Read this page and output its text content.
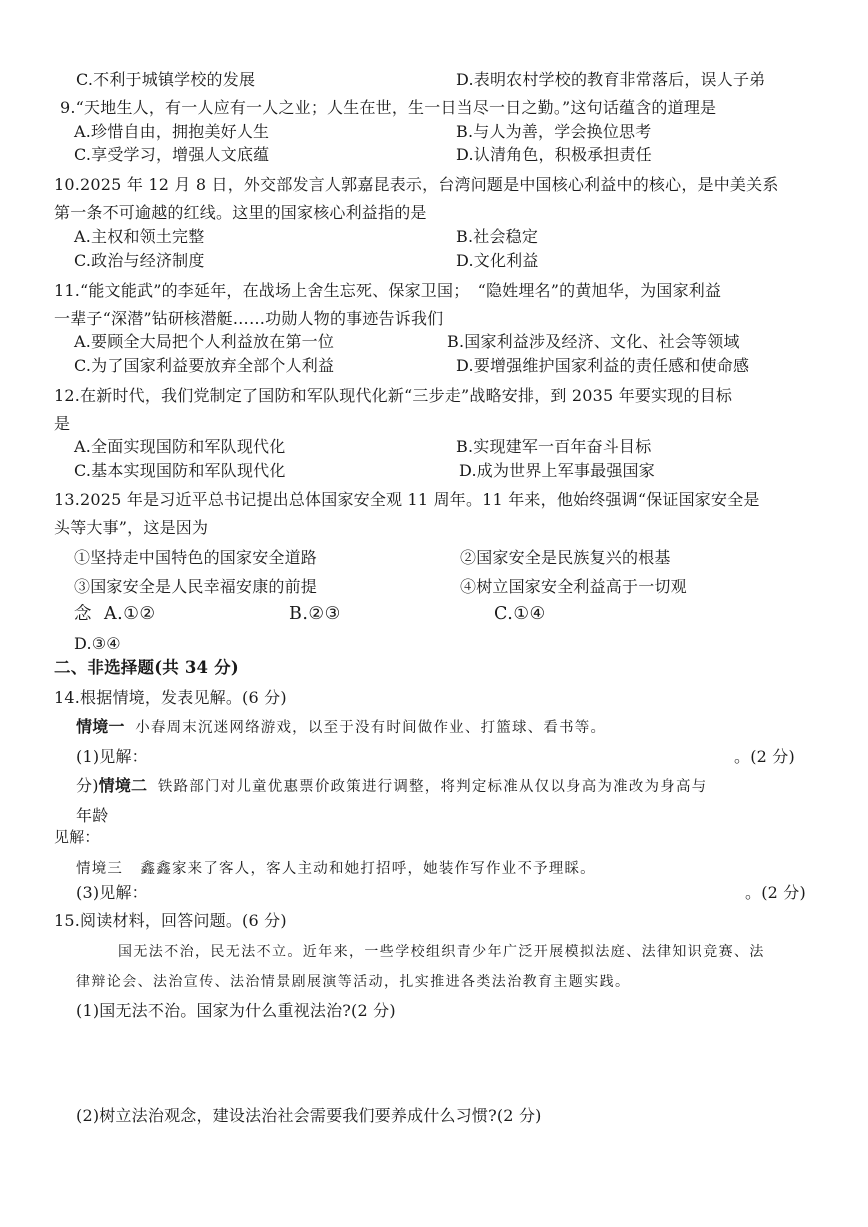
C.不利于城镇学校的发展	D.表明农村学校的教育非常落后，误人子弟
9.“天地生人，有一人应有一人之业；人生在世，生一日当尽一日之勤。”这句话蕴含的道理是
A.珍惜自由，拥抱美好人生	B.与人为善，学会换位思考
C.享受学习，增强人文底蕴	D.认清角色，积极承担责任
10.2025 年 12 月 8 日，外交部发言人郭嘉昆表示，台湾问题是中国核心利益中的核心，是中美关系
第一条不可逾越的红线。这里的国家核心利益指的是
A.主权和领土完整	B.社会稳定
C.政治与经济制度	D.文化利益
11.“能文能武”的李延年，在战场上舍生忘死、保家卫国；　“隐姓埋名”的黄旭华，为国家利益
一辈子“深潜”钻研核潜艇……功勋人物的事迹告诉我们
A.要顾全大局把个人利益放在第一位	B.国家利益涉及经济、文化、社会等领域
C.为了国家利益要放弃全部个人利益	D.要增强维护国家利益的责任感和使命感
12.在新时代，我们党制定了国防和军队现代化新“三步走”战略安排，到 2035 年要实现的目标
是
A.全面实现国防和军队现代化	B.实现建军一百年奋斗目标
C.基本实现国防和军队现代化	D.成为世界上军事最强国家
13.2025 年是习近平总书记提出总体国家安全观 11 周年。11 年来，他始终强调“保证国家安全是
头等大事”，这是因为
①坚持走中国特色的国家安全道路	②国家安全是民族复兴的根基
③国家安全是人民幸福安康的前提	④树立国家安全利益高于一切观
念 A.①②	B.②③	C.①④
D.③④
二、非选择题(共 34 分)
14.根据情境，发表见解。(6 分)
情境一 小春周末沉迷网络游戏，以至于没有时间做作业、打篮球、看书等。
(1)见解：	。(2 分)
分)情境二 铁路部门对儿童优惠票价政策进行调整，将判定标准从仅以身高为准改为身高与
年龄
见解：
情境三 鑫鑫家来了客人，客人主动和她打招呼，她装作写作业不予理睬。
(3)见解：	。(2 分)
15.阅读材料，回答问题。(6 分)
国无法不治，民无法不立。近年来，一些学校组织青少年广泛开展模拟法庭、法律知识竞赛、法
律辩论会、法治宣传、法治情景剧展演等活动，扎实推进各类法治教育主题实践。
(1)国无法不治。国家为什么重视法治?(2 分)
(2)树立法治观念，建设法治社会需要我们要养成什么习惯?(2 分)
